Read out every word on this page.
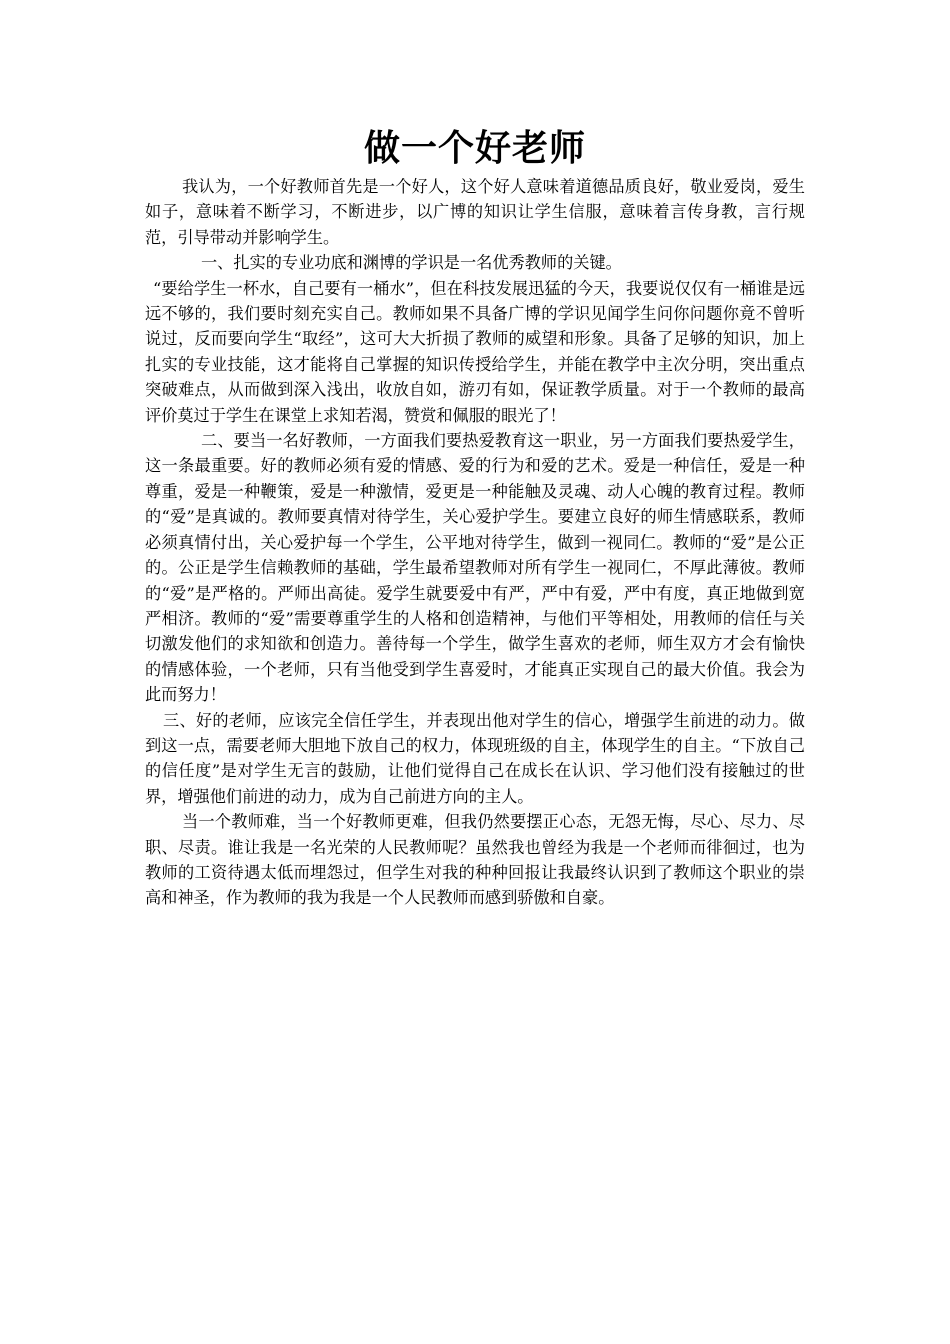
做一个好老师

我认为，一个好教师首先是一个好人，这个好人意味着道德品质良好，敬业爱岗，爱生如子，意味着不断学习，不断进步，以广博的知识让学生信服，意味着言传身教，言行规范，引导带动并影响学生。

一、扎实的专业功底和渊博的学识是一名优秀教师的关键。

“要给学生一杯水，自己要有一桶水”，但在科技发展迅猛的今天，我要说仅仅有一桶谁是远远不够的，我们要时刻充实自己。教师如果不具备广博的学识见闻学生问你问题你竟不曾听说过，反而要向学生“取经”，这可大大折损了教师的威望和形象。具备了足够的知识，加上扎实的专业技能，这才能将自己掌握的知识传授给学生，并能在教学中主次分明，突出重点突破难点，从而做到深入浅出，收放自如，游刃有如，保证教学质量。对于一个教师的最高评价莫过于学生在课堂上求知若渴，赞赏和佩服的眼光了！

二、要当一名好教师，一方面我们要热爱教育这一职业，另一方面我们要热爱学生，这一条最重要。好的教师必须有爱的情感、爱的行为和爱的艺术。爱是一种信任，爱是一种尊重，爱是一种鞭策，爱是一种激情，爱更是一种能触及灵魂、动人心魄的教育过程。教师的“爱”是真诚的。教师要真情对待学生，关心爱护学生。要建立良好的师生情感联系，教师必须真情付出，关心爱护每一个学生，公平地对待学生，做到一视同仁。教师的“爱”是公正的。公正是学生信赖教师的基础，学生最希望教师对所有学生一视同仁，不厚此薄彼。教师的“爱”是严格的。严师出高徒。爱学生就要爱中有严，严中有爱，严中有度，真正地做到宽严相济。教师的“爱”需要尊重学生的人格和创造精神，与他们平等相处，用教师的信任与关切激发他们的求知欲和创造力。善待每一个学生，做学生喜欢的老师，师生双方才会有愉快的情感体验，一个老师，只有当他受到学生喜爱时，才能真正实现自己的最大价值。我会为此而努力！

三、好的老师，应该完全信任学生，并表现出他对学生的信心，增强学生前进的动力。做到这一点，需要老师大胆地下放自己的权力，体现班级的自主，体现学生的自主。“下放自己的信任度”是对学生无言的鼓励，让他们觉得自己在成长在认识、学习他们没有接触过的世界，增强他们前进的动力，成为自己前进方向的主人。

当一个教师难，当一个好教师更难，但我仍然要摆正心态，无怨无悔，尽心、尽力、尽职、尽责。谁让我是一名光荣的人民教师呢？虽然我也曾经为我是一个老师而徘徊过，也为教师的工资待遇太低而埋怨过，但学生对我的种种回报让我最终认识到了教师这个职业的崇高和神圣，作为教师的我为我是一个人民教师而感到骄傲和自豪。
